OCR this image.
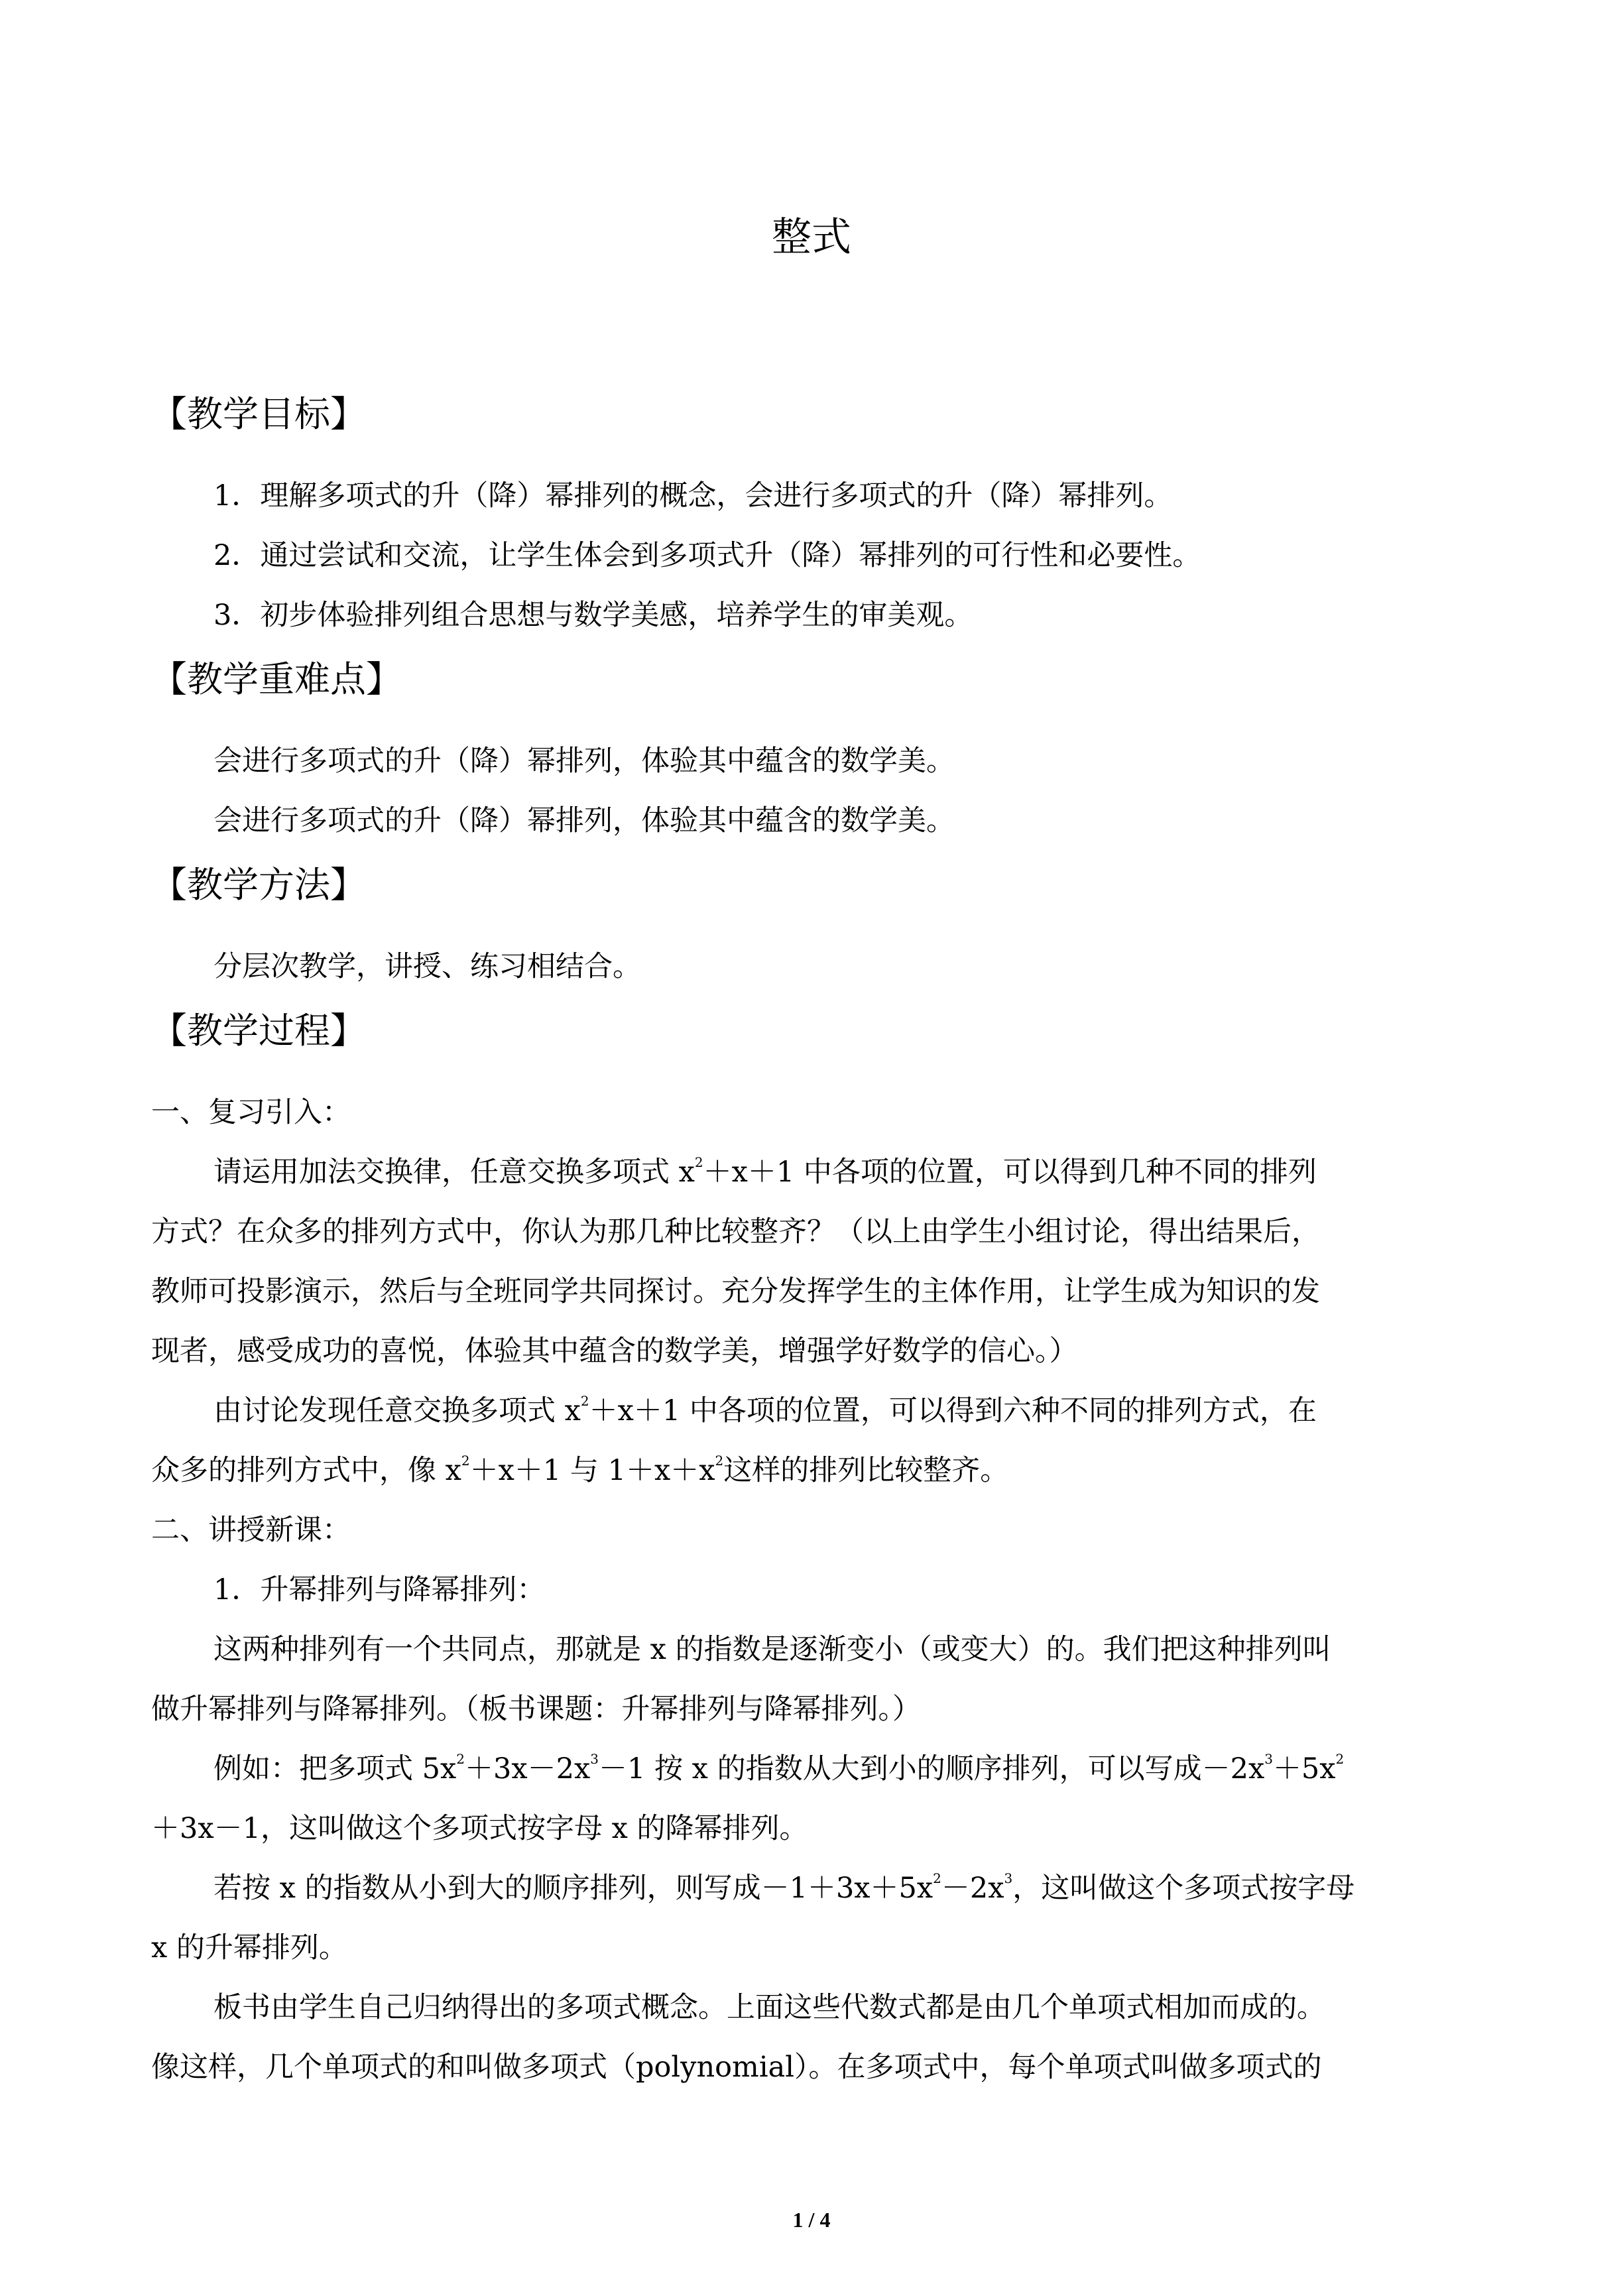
整式
【教学目标】
1．理解多项式的升（降）幂排列的概念，会进行多项式的升（降）幂排列。
2．通过尝试和交流，让学生体会到多项式升（降）幂排列的可行性和必要性。
3．初步体验排列组合思想与数学美感，培养学生的审美观。
【教学重难点】
会进行多项式的升（降）幂排列，体验其中蕴含的数学美。
会进行多项式的升（降）幂排列，体验其中蕴含的数学美。
【教学方法】
分层次教学，讲授、练习相结合。
【教学过程】
一、复习引入：
请运用加法交换律，任意交换多项式 $x^2+x+1$ 中各项的位置，可以得到几种不同的排列
方式？在众多的排列方式中，你认为那几种比较整齐？（以上由学生小组讨论，得出结果后，
教师可投影演示，然后与全班同学共同探讨。充分发挥学生的主体作用，让学生成为知识的发
现者，感受成功的喜悦，体验其中蕴含的数学美，增强学好数学的信心。）
由讨论发现任意交换多项式 $x^2+x+1$ 中各项的位置，可以得到六种不同的排列方式，在
众多的排列方式中，像 $x^2+x+1$ 与 $1+x+x^2$这样的排列比较整齐。
二、讲授新课：
1．升幂排列与降幂排列：
这两种排列有一个共同点，那就是 x 的指数是逐渐变小（或变大）的。我们把这种排列叫
做升幂排列与降幂排列。（板书课题：升幂排列与降幂排列。）
例如：把多项式 $5x^2+3x-2x^3-1$ 按 x 的指数从大到小的顺序排列，可以写成$-2x^3+5x^2$
＋3x－1，这叫做这个多项式按字母 x 的降幂排列。
若按 x 的指数从小到大的顺序排列，则写成$-1+3x+5x^2-2x^3$，这叫做这个多项式按字母
x 的升幂排列。
板书由学生自己归纳得出的多项式概念。上面这些代数式都是由几个单项式相加而成的。
像这样，几个单项式的和叫做多项式（polynomial）。在多项式中，每个单项式叫做多项式的
1 / 4
